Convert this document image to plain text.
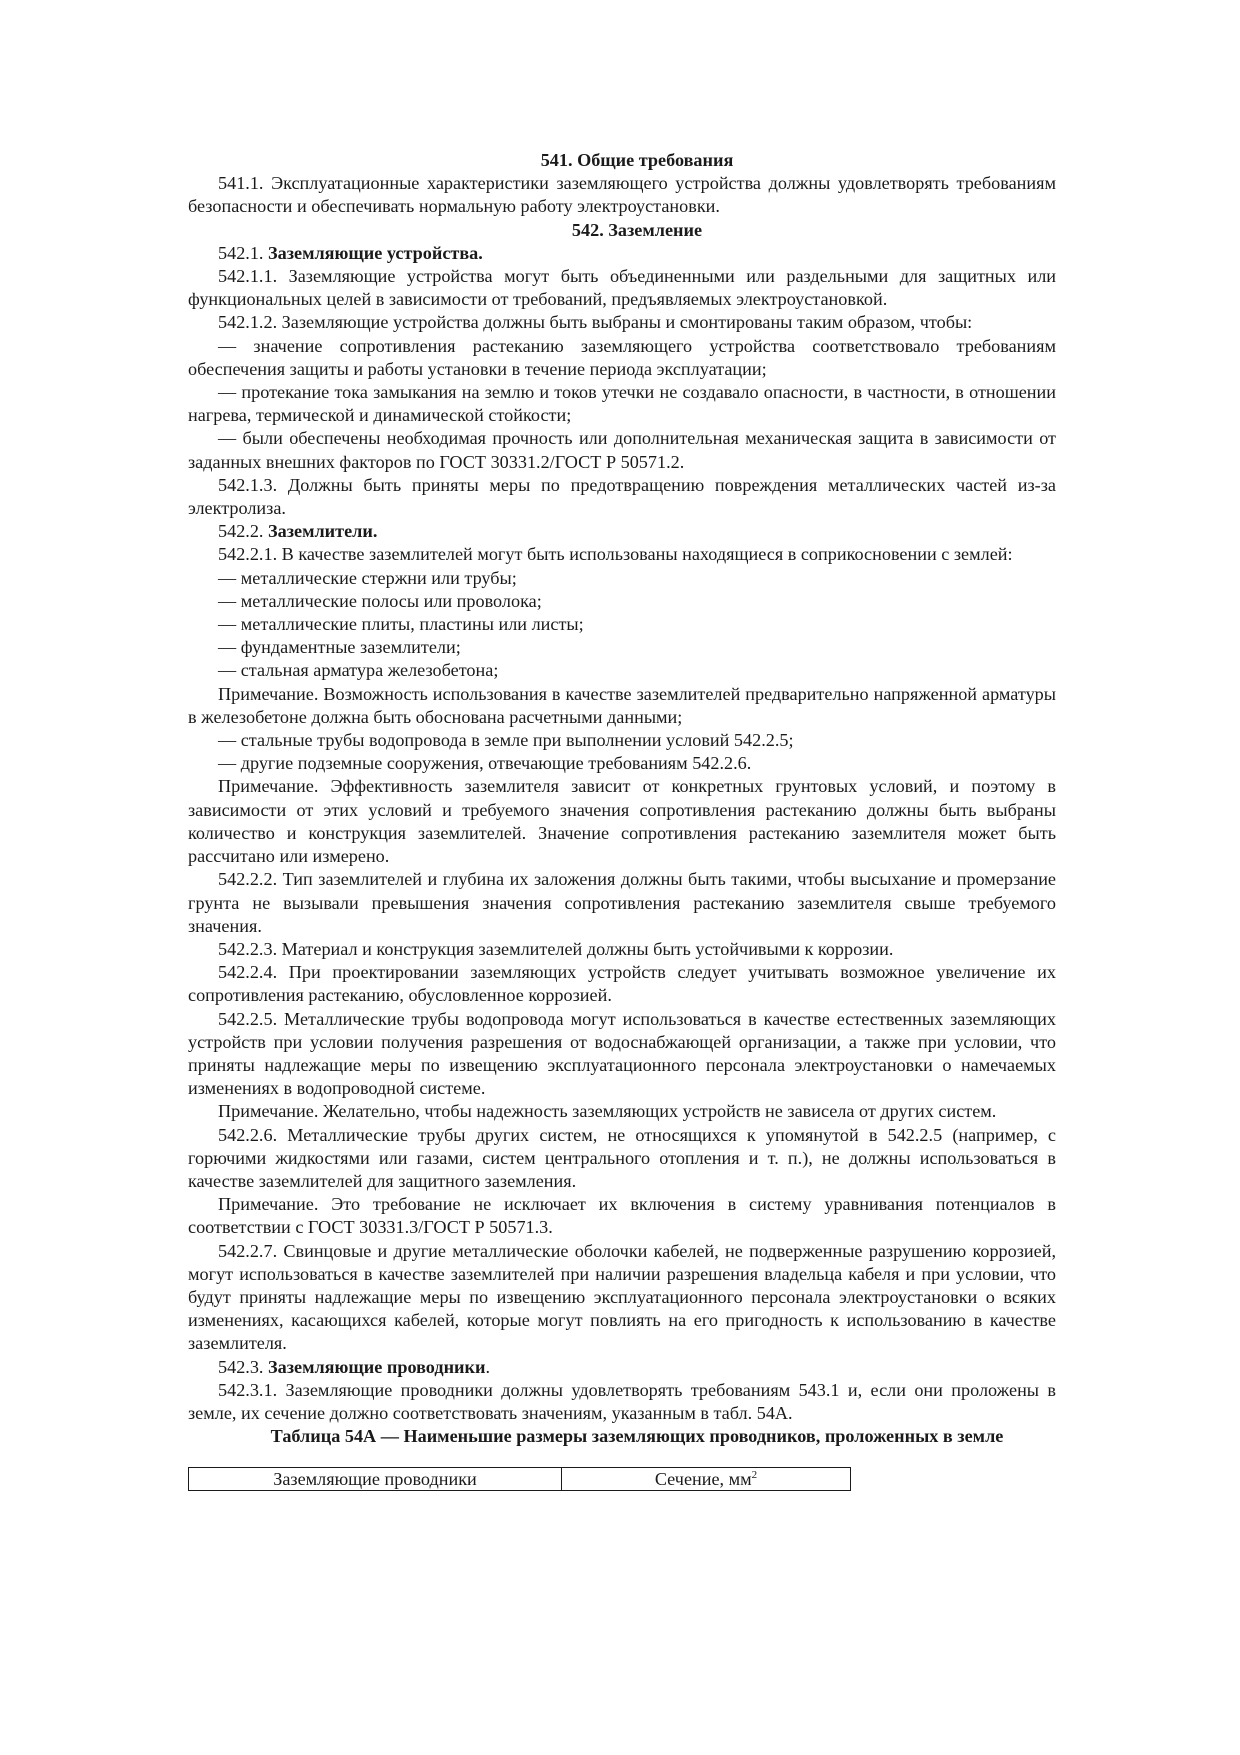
541. Общие требования

541.1. Эксплуатационные характеристики заземляющего устройства должны удовлетворять требованиям безопасности и обеспечивать нормальную работу электроустановки.

542. Заземление

542.1. Заземляющие устройства.

542.1.1. Заземляющие устройства могут быть объединенными или раздельными для защитных или функциональных целей в зависимости от требований, предъявляемых электроустановкой.

542.1.2. Заземляющие устройства должны быть выбраны и смонтированы таким образом, чтобы:

— значение сопротивления растеканию заземляющего устройства соответствовало требованиям обеспечения защиты и работы установки в течение периода эксплуатации;

— протекание тока замыкания на землю и токов утечки не создавало опасности, в частности, в отношении нагрева, термической и динамической стойкости;

— были обеспечены необходимая прочность или дополнительная механическая защита в зависимости от заданных внешних факторов по ГОСТ 30331.2/ГОСТ Р 50571.2.

542.1.3. Должны быть приняты меры по предотвращению повреждения металлических частей из-за электролиза.

542.2. Заземлители.

542.2.1. В качестве заземлителей могут быть использованы находящиеся в соприкосновении с землей:

— металлические стержни или трубы;

— металлические полосы или проволока;

— металлические плиты, пластины или листы;

— фундаментные заземлители;

— стальная арматура железобетона;

Примечание. Возможность использования в качестве заземлителей предварительно напряженной арматуры в железобетоне должна быть обоснована расчетными данными;

— стальные трубы водопровода в земле при выполнении условий 542.2.5;

— другие подземные сооружения, отвечающие требованиям 542.2.6.

Примечание. Эффективность заземлителя зависит от конкретных грунтовых условий, и поэтому в зависимости от этих условий и требуемого значения сопротивления растеканию должны быть выбраны количество и конструкция заземлителей. Значение сопротивления растеканию заземлителя может быть рассчитано или измерено.

542.2.2. Тип заземлителей и глубина их заложения должны быть такими, чтобы высыхание и промерзание грунта не вызывали превышения значения сопротивления растеканию заземлителя свыше требуемого значения.

542.2.3. Материал и конструкция заземлителей должны быть устойчивыми к коррозии.

542.2.4. При проектировании заземляющих устройств следует учитывать возможное увеличение их сопротивления растеканию, обусловленное коррозией.

542.2.5. Металлические трубы водопровода могут использоваться в качестве естественных заземляющих устройств при условии получения разрешения от водоснабжающей организации, а также при условии, что приняты надлежащие меры по извещению эксплуатационного персонала электроустановки о намечаемых изменениях в водопроводной системе.

Примечание. Желательно, чтобы надежность заземляющих устройств не зависела от других систем.

542.2.6. Металлические трубы других систем, не относящихся к упомянутой в 542.2.5 (например, с горючими жидкостями или газами, систем центрального отопления и т. п.), не должны использоваться в качестве заземлителей для защитного заземления.

Примечание. Это требование не исключает их включения в систему уравнивания потенциалов в соответствии с ГОСТ 30331.3/ГОСТ Р 50571.3.

542.2.7. Свинцовые и другие металлические оболочки кабелей, не подверженные разрушению коррозией, могут использоваться в качестве заземлителей при наличии разрешения владельца кабеля и при условии, что будут приняты надлежащие меры по извещению эксплуатационного персонала электроустановки о всяких изменениях, касающихся кабелей, которые могут повлиять на его пригодность к использованию в качестве заземлителя.

542.3. Заземляющие проводники.

542.3.1. Заземляющие проводники должны удовлетворять требованиям 543.1 и, если они проложены в земле, их сечение должно соответствовать значениям, указанным в табл. 54А.

Таблица 54А — Наименьшие размеры заземляющих проводников, проложенных в земле

Заземляющие проводники	Сечение, $мм^2$
